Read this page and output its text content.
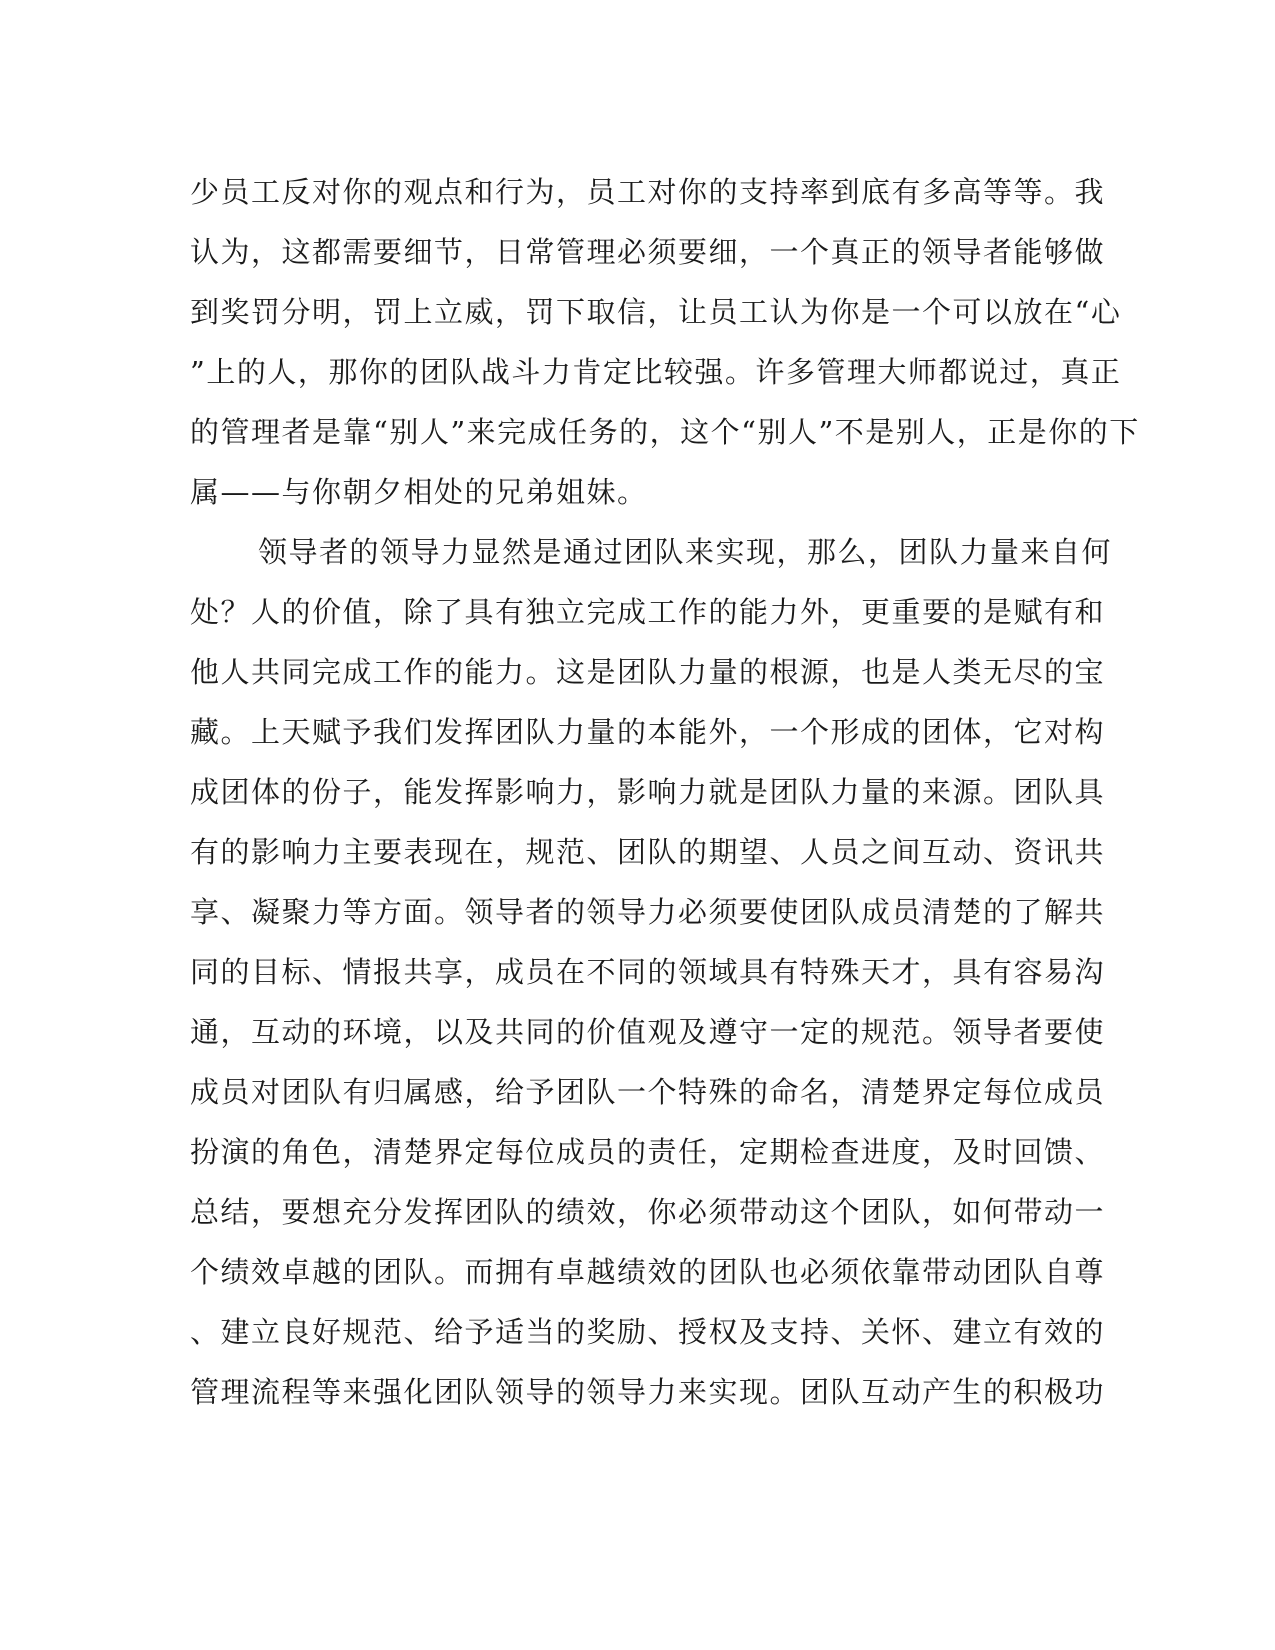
少员工反对你的观点和行为，员工对你的支持率到底有多高等等。我
认为，这都需要细节，日常管理必须要细，一个真正的领导者能够做
到奖罚分明，罚上立威，罚下取信，让员工认为你是一个可以放在“心
”上的人，那你的团队战斗力肯定比较强。许多管理大师都说过，真正
的管理者是靠“别人”来完成任务的，这个“别人”不是别人，正是你的下
属——与你朝夕相处的兄弟姐妹。
领导者的领导力显然是通过团队来实现，那么，团队力量来自何
处？人的价值，除了具有独立完成工作的能力外，更重要的是赋有和
他人共同完成工作的能力。这是团队力量的根源，也是人类无尽的宝
藏。上天赋予我们发挥团队力量的本能外，一个形成的团体，它对构
成团体的份子，能发挥影响力，影响力就是团队力量的来源。团队具
有的影响力主要表现在，规范、团队的期望、人员之间互动、资讯共
享、凝聚力等方面。领导者的领导力必须要使团队成员清楚的了解共
同的目标、情报共享，成员在不同的领域具有特殊天才，具有容易沟
通，互动的环境，以及共同的价值观及遵守一定的规范。领导者要使
成员对团队有归属感，给予团队一个特殊的命名，清楚界定每位成员
扮演的角色，清楚界定每位成员的责任，定期检查进度，及时回馈、
总结，要想充分发挥团队的绩效，你必须带动这个团队，如何带动一
个绩效卓越的团队。而拥有卓越绩效的团队也必须依靠带动团队自尊
、建立良好规范、给予适当的奖励、授权及支持、关怀、建立有效的
管理流程等来强化团队领导的领导力来实现。团队互动产生的积极功
